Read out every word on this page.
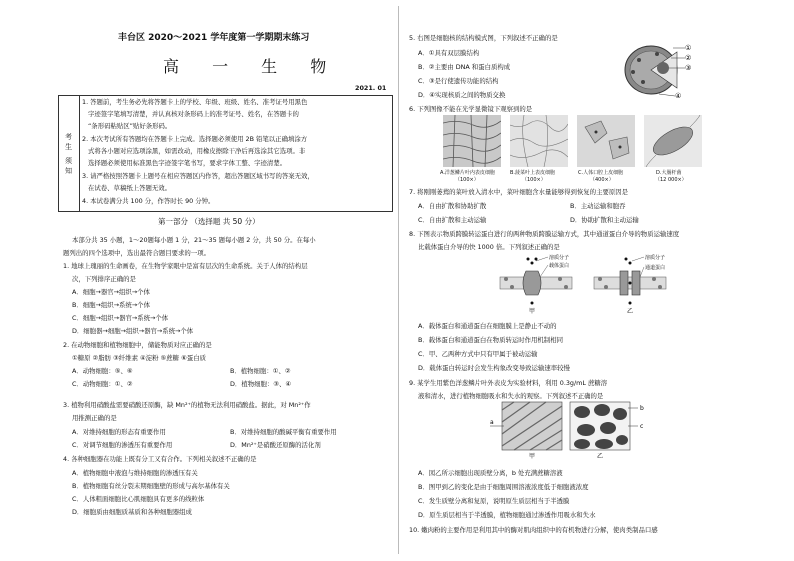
丰台区 2020～2021 学年度第一学期期末练习
高 一 生 物
2021. 01
考
生
须
知
1. 答题前，考生务必先将答题卡上的学校、年级、班级、姓名、准考证号用黑色
字迹签字笔填写清楚，并认真核对条形码上的准考证号、姓名，在答题卡的
“条形码粘贴区”贴好条形码。
2. 本次考试所有答题均在答题卡上完成。选择题必须使用 2B 铅笔以正确填涂方
式将各小题对应选项涂黑，如需改动，用橡皮擦除干净后再选涂其它选项。非
选择题必须使用标准黑色字迹签字笔书写，要求字体工整、字迹清楚。
3. 请严格按照答题卡上题号在相应答题区内作答，超出答题区域书写的答案无效，
在试卷、草稿纸上答题无效。
4. 本试卷满分共 100 分，作答时长 90 分钟。
第一部分 （选择题 共 50 分）
本部分共 35 小题，1～20题每小题 1 分，21～35 题每小题 2 分，共 50 分。在每小
题列出的四个选项中，选出最符合题目要求的一项。
1. 地球上瑰丽的生命画卷，在生物学家眼中是富有层次的生命系统。关于人体的结构层
次，下列排序正确的是
A．细胞→器官→组织→个体
B．细胞→组织→系统→个体
C．细胞→组织→器官→系统→个体
D．细胞器→细胞→组织→器官→系统→个体
2. 在动物细胞和植物细胞中，储能物质对应正确的是
①糖原 ②脂肪 ③纤维素 ④淀粉 ⑤蔗糖 ⑥蛋白质
A．动物细胞：⑤、⑥	B．植物细胞：①、②
C．动物细胞：①、②	D．植物细胞：③、④
3. 植物利用硝酸盐需要硝酸还原酶，缺 Mn²⁺的植物无法利用硝酸盐。据此，对 Mn²⁺作
用推测正确的是
A．对维持细胞的形态有重要作用	B．对维持细胞的酸碱平衡有重要作用
C．对调节细胞的渗透压有重要作用	D．Mn²⁺是硝酸还原酶的活化剂
4. 各种细胞器在功能上既有分工又有合作。下列相关叙述不正确的是
A．植物细胞中液泡与维持细胞的渗透压有关
B．植物细胞有丝分裂末期细胞壁的形成与高尔基体有关
C．人体粗面细胞比心肌细胞具有更多的线粒体
D．细胞质由细胞质基质和各种细胞器组成
5. 右图是细胞核的结构模式图，下列叙述不正确的是
A．①具有双层膜结构
B．②主要由 DNA 和蛋白质构成
C．③是行使遗传功能的结构
D．④实现核质之间的物质交换
①
②
③
④
6. 下列图像不能在光学显微镜下观察到的是
A.洋葱鳞片叶内表皮细胞	B.菠菜叶上表皮细胞	C.人体口腔上皮细胞	D.大肠杆菌
（100×）	（100×）	（400×）	（12 000×）
7. 将刚刚萎蔫的菜叶放入清水中，菜叶细胞含水量能够得到恢复的主要原因是
A．自由扩散和协助扩散	B．主动运输和胞吞
C．自由扩散和主动运输	D．协助扩散和主动运输
8. 下图表示物质跨膜转运蛋白进行的两种物质跨膜运输方式，其中通道蛋白介导的物质运输速度
比载体蛋白介导的快 1000 倍。下列叙述正确的是
溶质分子
载体蛋白
溶质分子
通道蛋白
甲	乙
A．载体蛋白和通道蛋白在细胞膜上是静止不动的
B．载体蛋白和通道蛋白在物质转运时作用机制相同
C．甲、乙两种方式中只有甲属于被动运输
D．载体蛋白转运时会发生构象改变导致运输速率较慢
9. 某学生用紫色洋葱鳞片叶外表皮为实验材料，利用 0.3g/mL 蔗糖溶
液和清水，进行植物细胞吸水和失水的观察。下列叙述不正确的是
a
b
c
甲	乙
A．図乙所示细胞出现质壁分离，b 处充满蔗糖溶液
B．图甲到乙的变化是由于细胞周围溶液浓度低于细胞液浓度
C．发生质壁分离和复原，说明原生质层相当于半透膜
D．原生质层相当于半透膜，植物细胞通过渗透作用吸水和失水
10. 嫩肉粉的主要作用是利用其中的酶对肌肉组织中的有机物进行分解，使肉类制品口感
